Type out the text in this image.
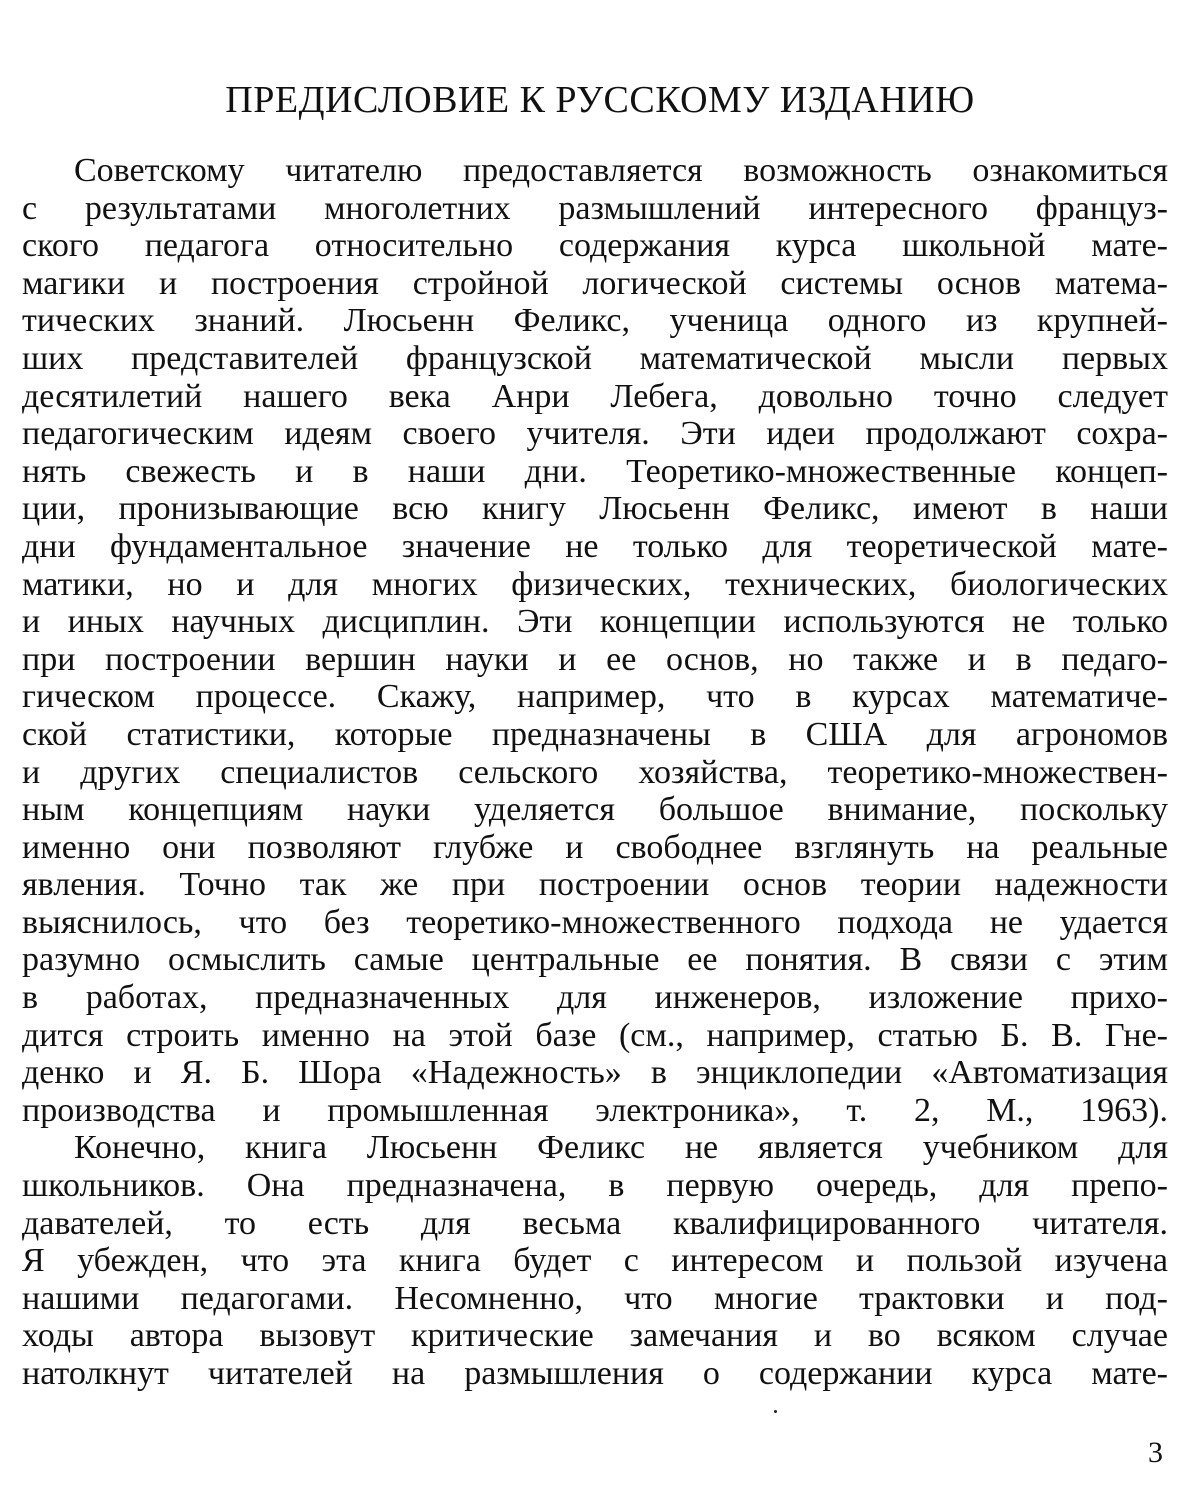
ПРЕДИСЛОВИЕ К РУССКОМУ ИЗДАНИЮ
Советскому читателю предоставляется возможность ознакомиться
с результатами многолетних размышлений интересного француз-
ского педагога относительно содержания курса школьной мате-
магики и построения стройной логической системы основ матема-
тических знаний. Люсьенн Феликс, ученица одного из крупней-
ших представителей французской математической мысли первых
десятилетий нашего века Анри Лебега, довольно точно следует
педагогическим идеям своего учителя. Эти идеи продолжают сохра-
нять свежесть и в наши дни. Теоретико-множественные концеп-
ции, пронизывающие всю книгу Люсьенн Феликс, имеют в наши
дни фундаментальное значение не только для теоретической мате-
матики, но и для многих физических, технических, биологических
и иных научных дисциплин. Эти концепции используются не только
при построении вершин науки и ее основ, но также и в педаго-
гическом процессе. Скажу, например, что в курсах математиче-
ской статистики, которые предназначены в США для агрономов
и других специалистов сельского хозяйства, теоретико-множествен-
ным концепциям науки уделяется большое внимание, поскольку
именно они позволяют глубже и свободнее взглянуть на реальные
явления. Точно так же при построении основ теории надежности
выяснилось, что без теоретико-множественного подхода не удается
разумно осмыслить самые центральные ее понятия. В связи с этим
в работах, предназначенных для инженеров, изложение прихо-
дится строить именно на этой базе (см., например, статью Б. В. Гне-
денко и Я. Б. Шора «Надежность» в энциклопедии «Автоматизация
производства и промышленная электроника», т. 2, М., 1963).
Конечно, книга Люсьенн Феликс не является учебником для
школьников. Она предназначена, в первую очередь, для препо-
давателей, то есть для весьма квалифицированного читателя.
Я убежден, что эта книга будет с интересом и пользой изучена
нашими педагогами. Несомненно, что многие трактовки и под-
ходы автора вызовут критические замечания и во всяком случае
натолкнут читателей на размышления о содержании курса мате-
3
